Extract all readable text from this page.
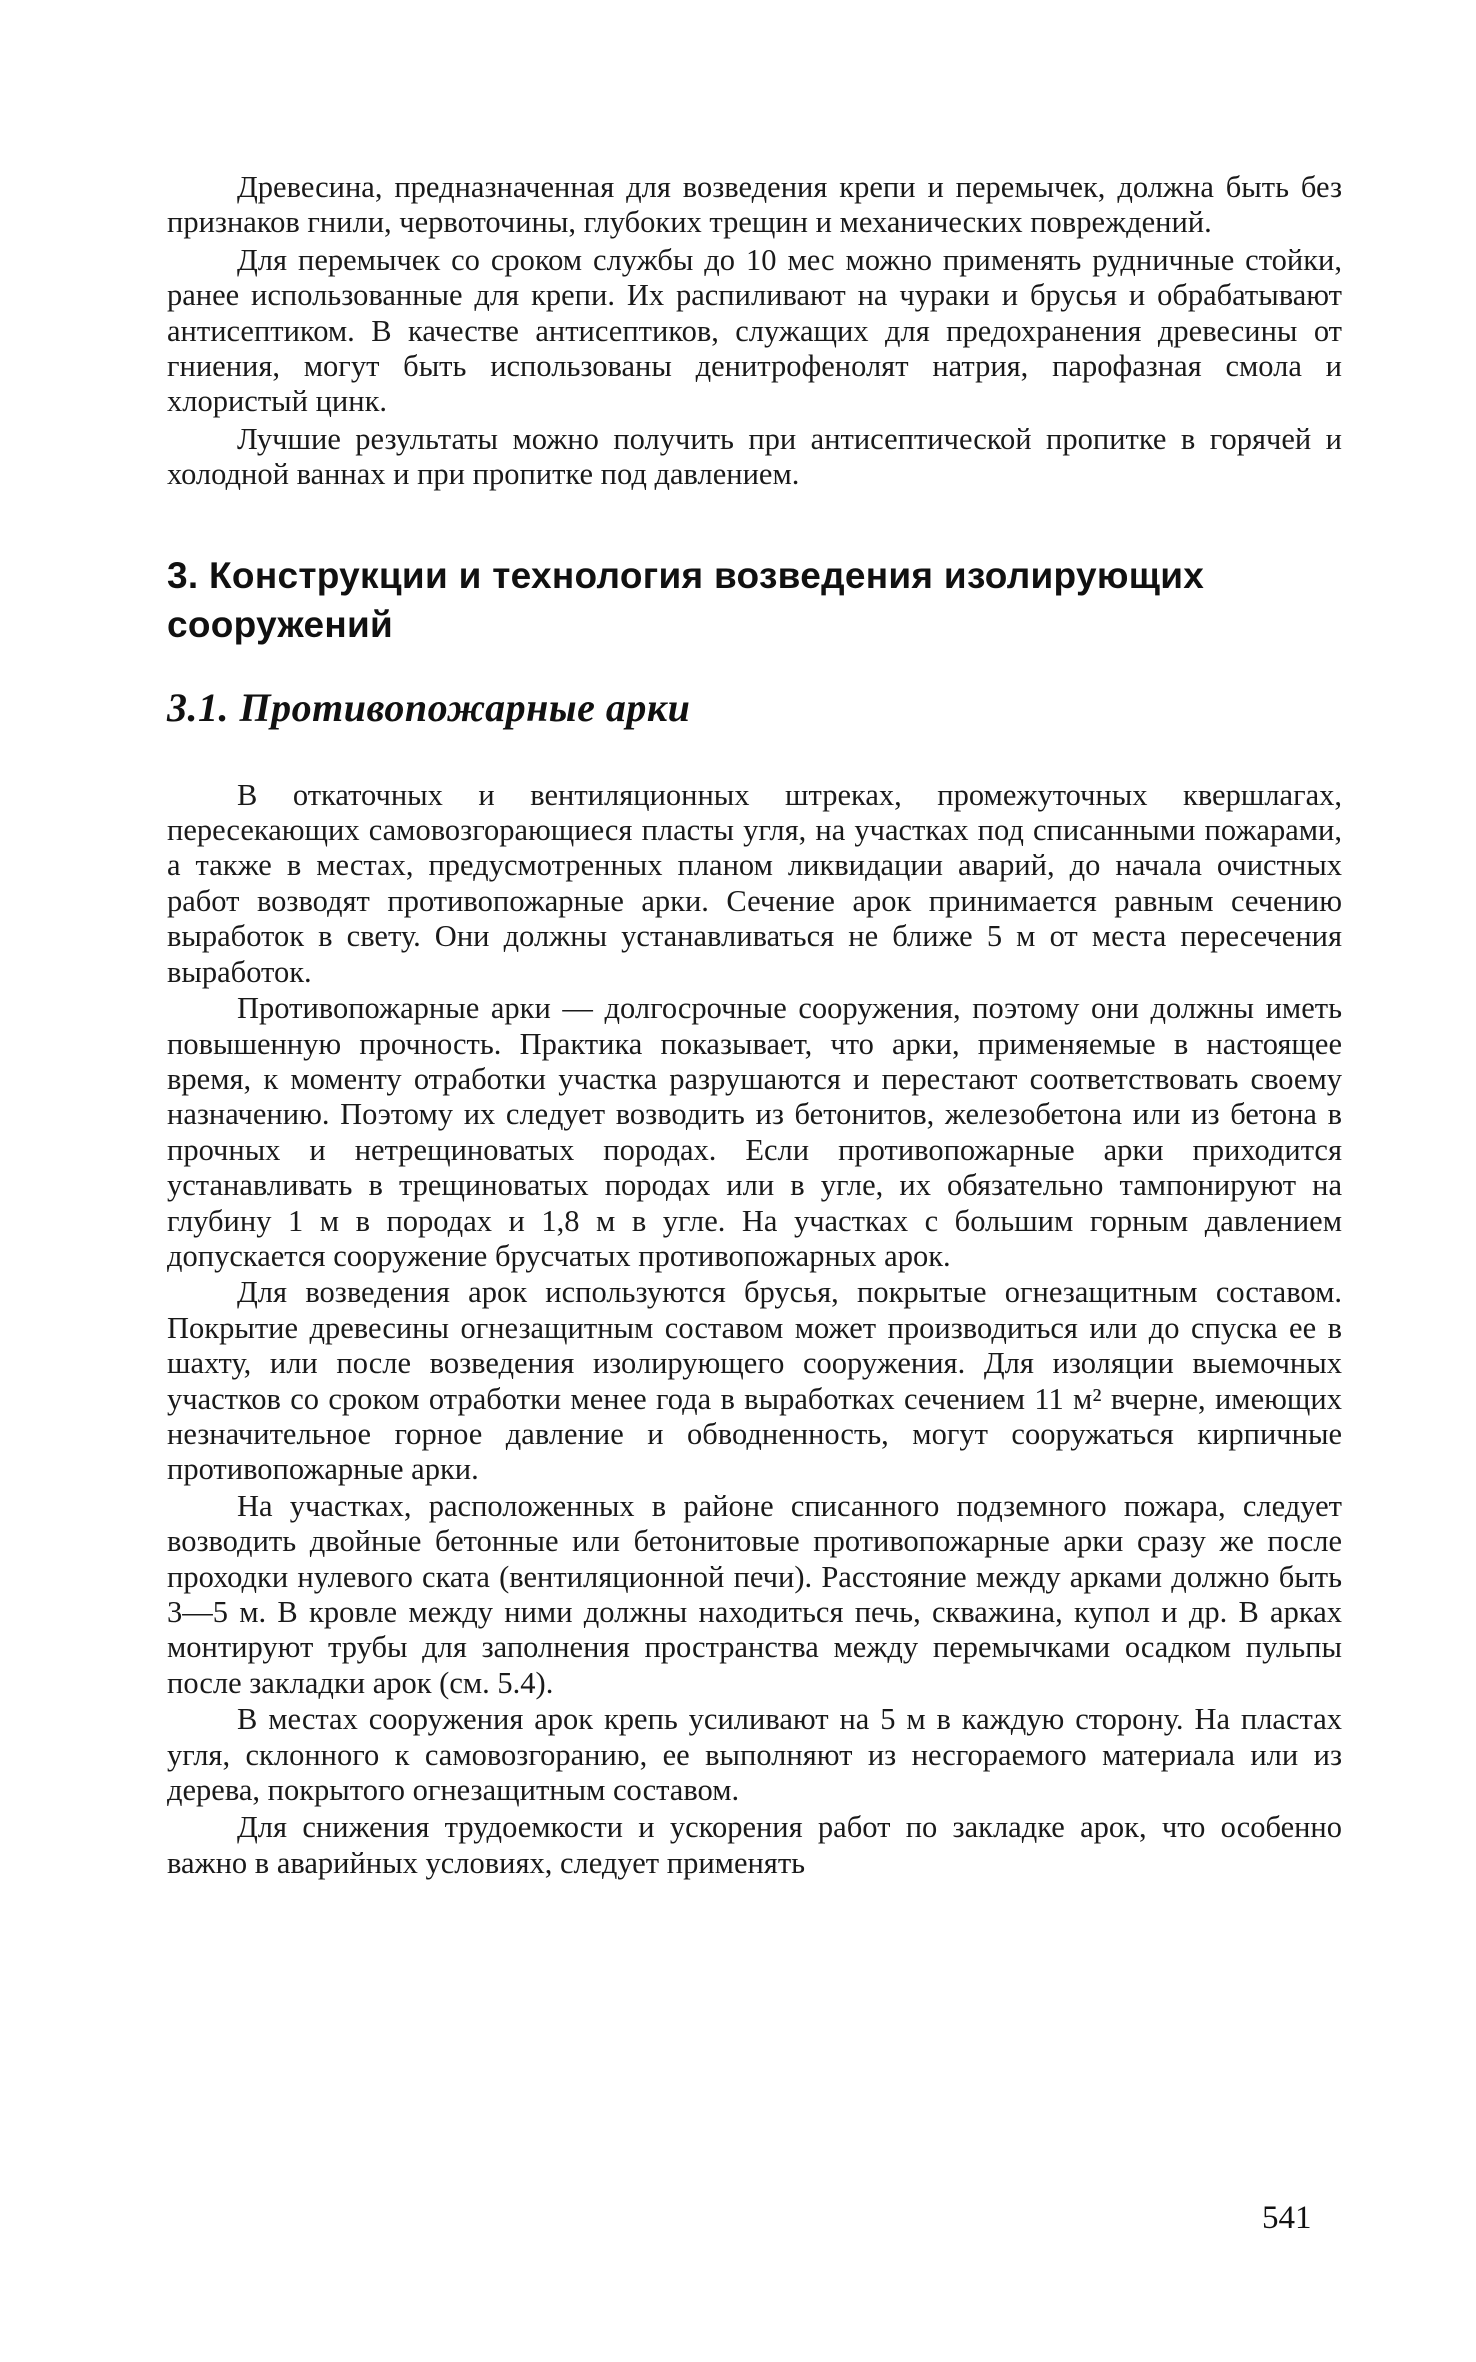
Древесина, предназначенная для возведения крепи и перемычек, должна быть без признаков гнили, червоточины, глубоких трещин и механических повреждений.

Для перемычек со сроком службы до 10 мес можно применять рудничные стойки, ранее использованные для крепи. Их распиливают на чураки и брусья и обрабатывают антисептиком. В качестве антисептиков, служащих для предохранения древесины от гниения, могут быть использованы денитрофенолят натрия, парофазная смола и хлористый цинк.

Лучшие результаты можно получить при антисептической пропитке в горячей и холодной ваннах и при пропитке под давлением.

3. Конструкции и технология возведения изолирующих сооружений
3.1. Противопожарные арки

В откаточных и вентиляционных штреках, промежуточных квершлагах, пересекающих самовозгорающиеся пласты угля, на участках под списанными пожарами, а также в местах, предусмотренных планом ликвидации аварий, до начала очистных работ возводят противопожарные арки. Сечение арок принимается равным сечению выработок в свету. Они должны устанавливаться не ближе 5 м от места пересечения выработок.

Противопожарные арки — долгосрочные сооружения, поэтому они должны иметь повышенную прочность. Практика показывает, что арки, применяемые в настоящее время, к моменту отработки участка разрушаются и перестают соответствовать своему назначению. Поэтому их следует возводить из бетонитов, железобетона или из бетона в прочных и нетрещиноватых породах. Если противопожарные арки приходится устанавливать в трещиноватых породах или в угле, их обязательно тампонируют на глубину 1 м в породах и 1,8 м в угле. На участках с большим горным давлением допускается сооружение брусчатых противопожарных арок.

Для возведения арок используются брусья, покрытые огнезащитным составом. Покрытие древесины огнезащитным составом может производиться или до спуска ее в шахту, или после возведения изолирующего сооружения. Для изоляции выемочных участков со сроком отработки менее года в выработках сечением 11 м² вчерне, имеющих незначительное горное давление и обводненность, могут сооружаться кирпичные противопожарные арки.

На участках, расположенных в районе списанного подземного пожара, следует возводить двойные бетонные или бетонитовые противопожарные арки сразу же после проходки нулевого ската (вентиляционной печи). Расстояние между арками должно быть 3—5 м. В кровле между ними должны находиться печь, скважина, купол и др. В арках монтируют трубы для заполнения пространства между перемычками осадком пульпы после закладки арок (см. 5.4).

В местах сооружения арок крепь усиливают на 5 м в каждую сторону. На пластах угля, склонного к самовозгоранию, ее выполняют из несгораемого материала или из дерева, покрытого огнезащитным составом.

Для снижения трудоемкости и ускорения работ по закладке арок, что особенно важно в аварийных условиях, следует применять

541
